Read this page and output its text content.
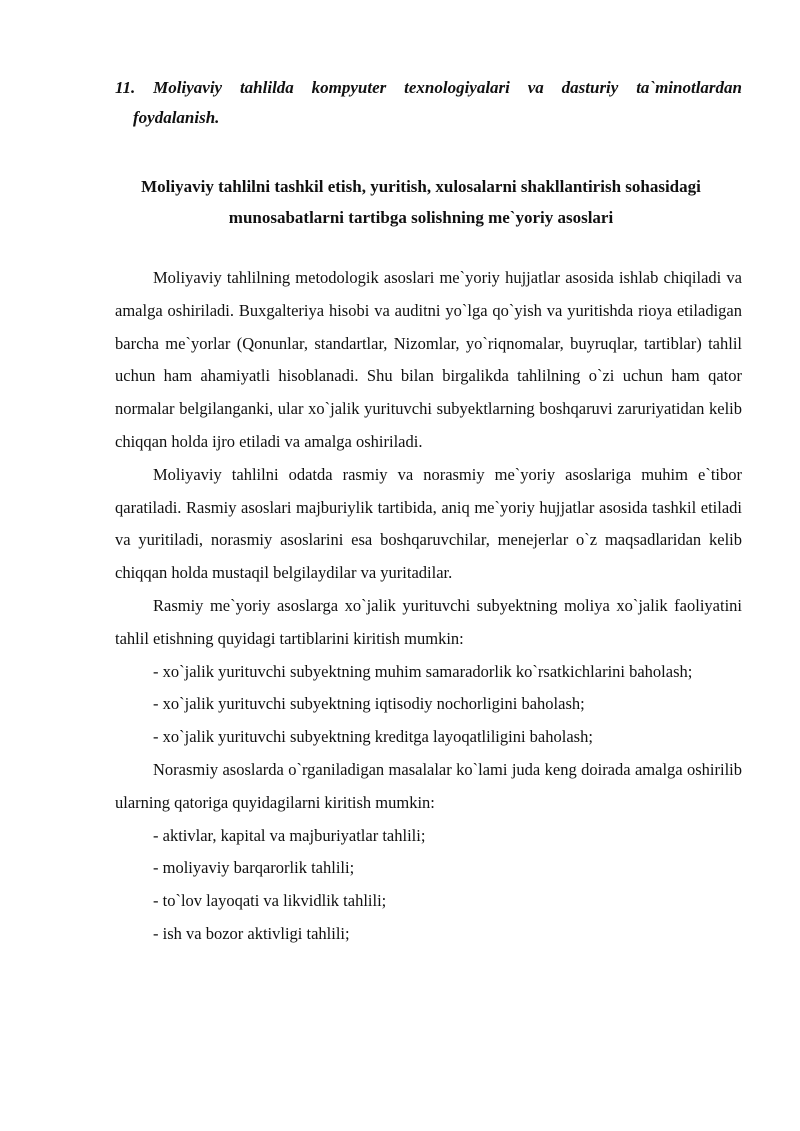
11. Moliyaviy tahlilda kompyuter texnologiyalari va dasturiy ta`minotlardan
foydalanish.
Moliyaviy tahlilni tashkil etish, yuritish, xulosalarni shakllantirish sohasidagi munosabatlarni tartibga solishning me`yoriy asoslari

Moliyaviy tahlilning metodologik asoslari me`yoriy hujjatlar asosida ishlab chiqiladi va amalga oshiriladi. Buxgalteriya hisobi va auditni yo`lga qo`yish va yuritishda rioya etiladigan barcha me`yorlar (Qonunlar, standartlar, Nizomlar, yo`riqnomalar, buyruqlar, tartiblar) tahlil uchun ham ahamiyatli hisoblanadi. Shu bilan birgalikda tahlilning o`zi uchun ham qator normalar belgilanganki, ular xo`jalik yurituvchi subyektlarning boshqaruvi zaruriyatidan kelib chiqqan holda ijro etiladi va amalga oshiriladi.

Moliyaviy tahlilni odatda rasmiy va norasmiy me`yoriy asoslariga muhim e`tibor qaratiladi. Rasmiy asoslari majburiylik tartibida, aniq me`yoriy hujjatlar asosida tashkil etiladi va yuritiladi, norasmiy asoslarini esa boshqaruvchilar, menejerlar o`z maqsadlaridan kelib chiqqan holda mustaqil belgilaydilar va yuritadilar.

Rasmiy me`yoriy asoslarga xo`jalik yurituvchi subyektning moliya xo`jalik faoliyatini tahlil etishning quyidagi tartiblarini kiritish mumkin:

- xo`jalik yurituvchi subyektning muhim samaradorlik ko`rsatkichlarini baholash;

- xo`jalik yurituvchi subyektning iqtisodiy nochorligini baholash;

- xo`jalik yurituvchi subyektning kreditga layoqatliligini baholash;

Norasmiy asoslarda o`rganiladigan masalalar ko`lami juda keng doirada amalga oshirilib ularning qatoriga quyidagilarni kiritish mumkin:

- aktivlar, kapital va majburiyatlar tahlili;

- moliyaviy barqarorlik tahlili;

- to`lov layoqati va likvidlik tahlili;

- ish va bozor aktivligi tahlili;
